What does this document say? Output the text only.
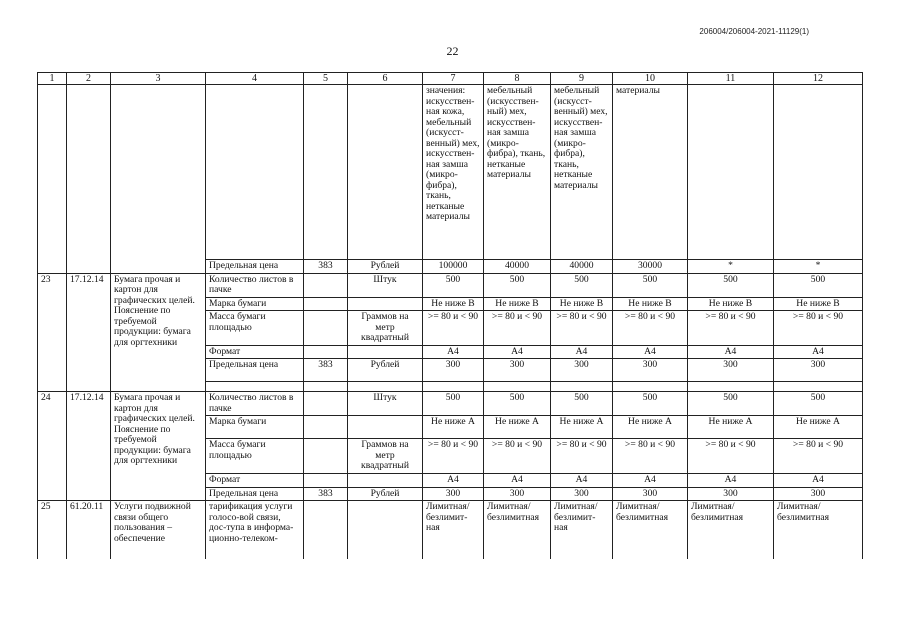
206004/206004-2021-11129(1)
22
1	2	3	4	5	6	7	8	9	10	11	12
						значения: искусствен-ная кожа, мебельный (искусст-венный) мех, искусствен-ная замша (микро-фибра), ткань, нетканые материалы	мебельный (искусствен-ный) мех, искусствен-ная замша (микро-фибра), ткань, нетканые материалы	мебельный (искусст-венный) мех, искусствен-ная замша (микро-фибра), ткань, нетканые материалы	материалы		
			Предельная цена	383	Рублей	100000	40000	40000	30000	*	*
23	17.12.14	Бумага прочая и картон для графических целей. Пояснение по требуемой продукции: бумага для оргтехники	Количество листов в пачке		Штук	500	500	500	500	500	500
			Марка бумаги			Не ниже В	Не ниже В	Не ниже В	Не ниже В	Не ниже В	Не ниже В
			Масса бумаги площадью		Граммов на метр квадратный	>= 80 и < 90	>= 80 и < 90	>= 80 и < 90	>= 80 и < 90	>= 80 и < 90	>= 80 и < 90
			Формат			А4	А4	А4	А4	А4	А4
			Предельная цена	383	Рублей	300	300	300	300	300	300

24	17.12.14	Бумага прочая и картон для графических целей. Пояснение по требуемой продукции: бумага для оргтехники	Количество листов в пачке		Штук	500	500	500	500	500	500
			Марка бумаги			Не ниже А	Не ниже А	Не ниже А	Не ниже А	Не ниже А	Не ниже А
			Масса бумаги площадью		Граммов на метр квадратный	>= 80 и < 90	>= 80 и < 90	>= 80 и < 90	>= 80 и < 90	>= 80 и < 90	>= 80 и < 90
			Формат			А4	А4	А4	А4	А4	А4
			Предельная цена	383	Рублей	300	300	300	300	300	300
25	61.20.11	Услуги подвижной связи общего пользования – обеспечение	тарификация услуги голосо-вой связи, дос-тупа в информа-ционно-телеком-			Лимитная/ безлимит-ная	Лимитная/ безлимитная	Лимитная/ безлимит-ная	Лимитная/ безлимитная	Лимитная/ безлимитная	Лимитная/ безлимитная
